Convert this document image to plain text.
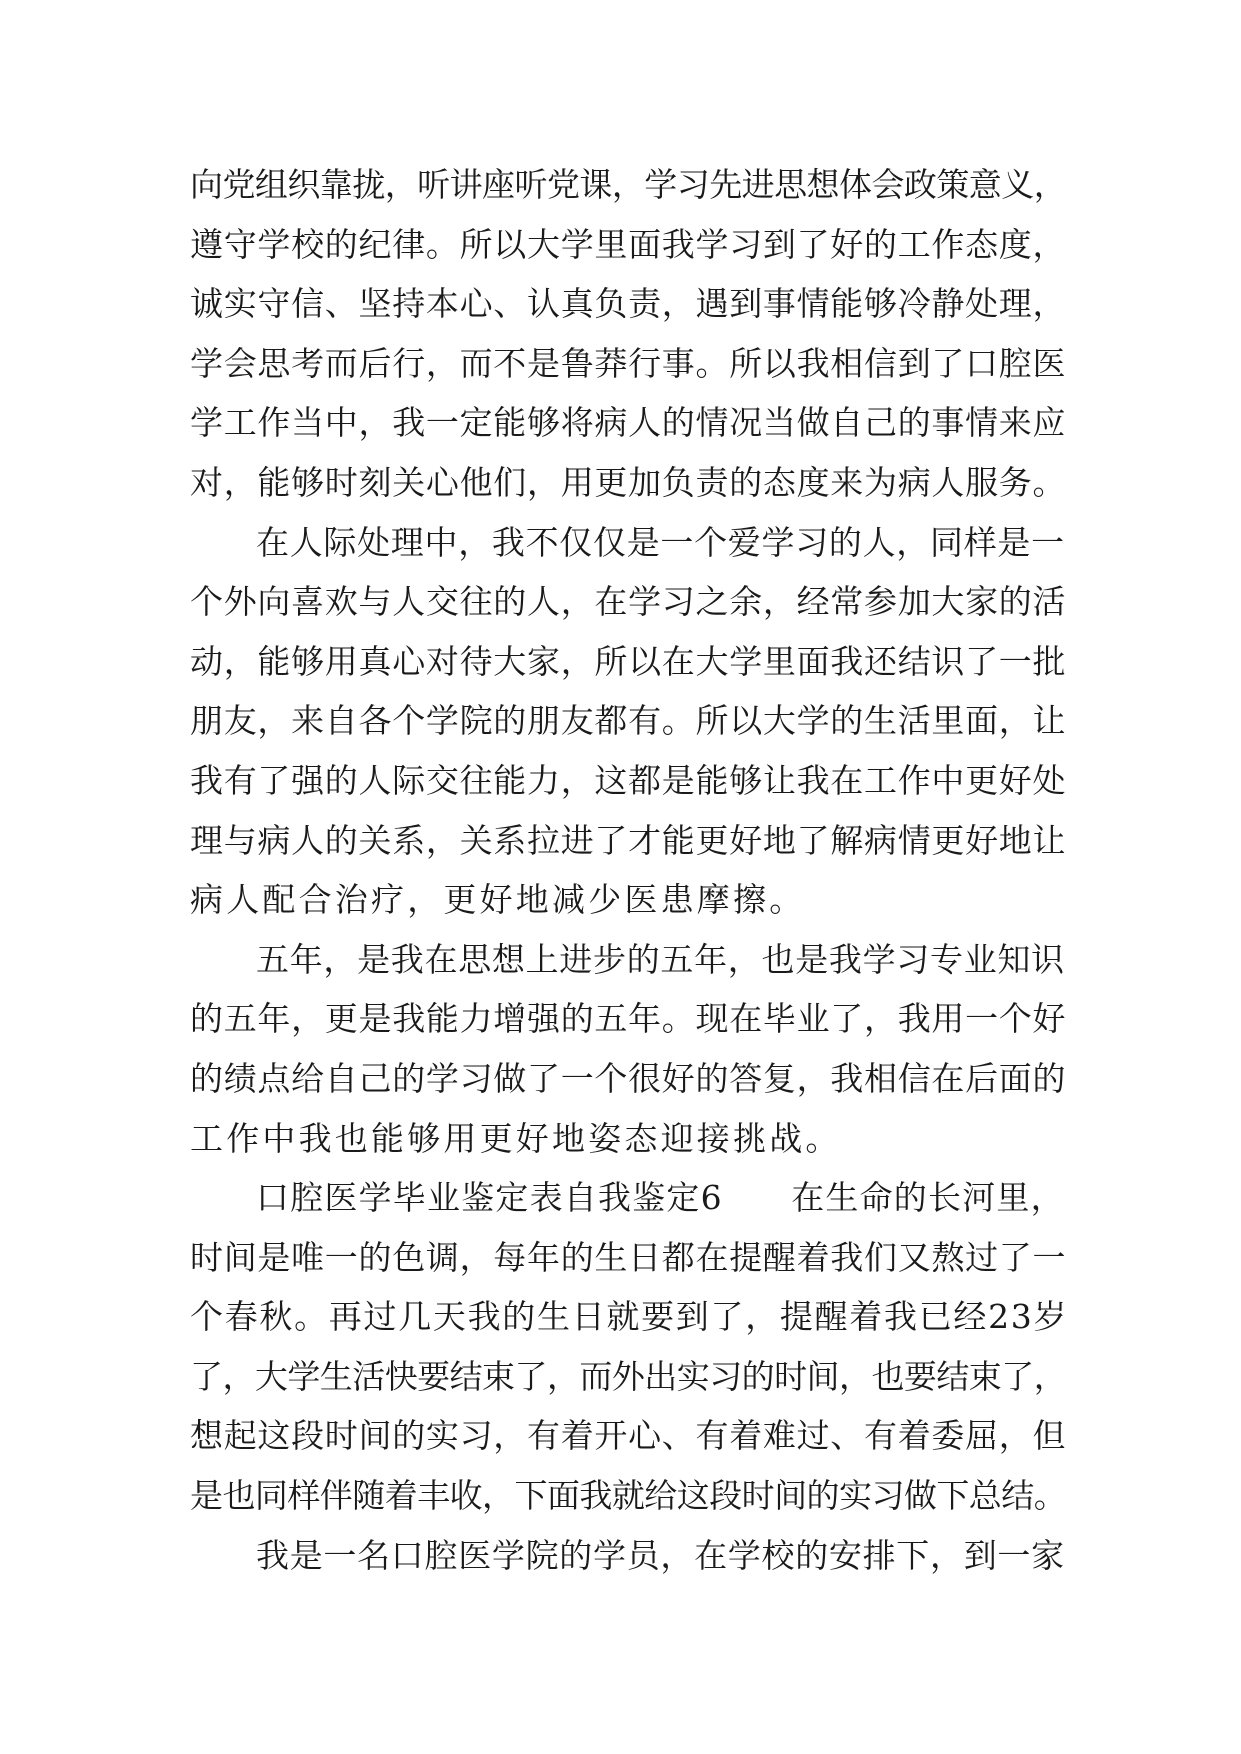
向党组织靠拢，听讲座听党课，学习先进思想体会政策意义，
遵守学校的纪律。所以大学里面我学习到了好的工作态度，
诚实守信、坚持本心、认真负责，遇到事情能够冷静处理，
学会思考而后行，而不是鲁莽行事。所以我相信到了口腔医
学工作当中，我一定能够将病人的情况当做自己的事情来应
对，能够时刻关心他们，用更加负责的态度来为病人服务。
在人际处理中，我不仅仅是一个爱学习的人，同样是一
个外向喜欢与人交往的人，在学习之余，经常参加大家的活
动，能够用真心对待大家，所以在大学里面我还结识了一批
朋友，来自各个学院的朋友都有。所以大学的生活里面，让
我有了强的人际交往能力，这都是能够让我在工作中更好处
理与病人的关系，关系拉进了才能更好地了解病情更好地让
病人配合治疗，更好地减少医患摩擦。
五年，是我在思想上进步的五年，也是我学习专业知识
的五年，更是我能力增强的五年。现在毕业了，我用一个好
的绩点给自己的学习做了一个很好的答复，我相信在后面的
工作中我也能够用更好地姿态迎接挑战。
口腔医学毕业鉴定表自我鉴定6　　在生命的长河里，
时间是唯一的色调，每年的生日都在提醒着我们又熬过了一
个春秋。再过几天我的生日就要到了，提醒着我已经23岁
了，大学生活快要结束了，而外出实习的时间，也要结束了，
想起这段时间的实习，有着开心、有着难过、有着委屈，但
是也同样伴随着丰收，下面我就给这段时间的实习做下总结。
我是一名口腔医学院的学员，在学校的安排下，到一家
